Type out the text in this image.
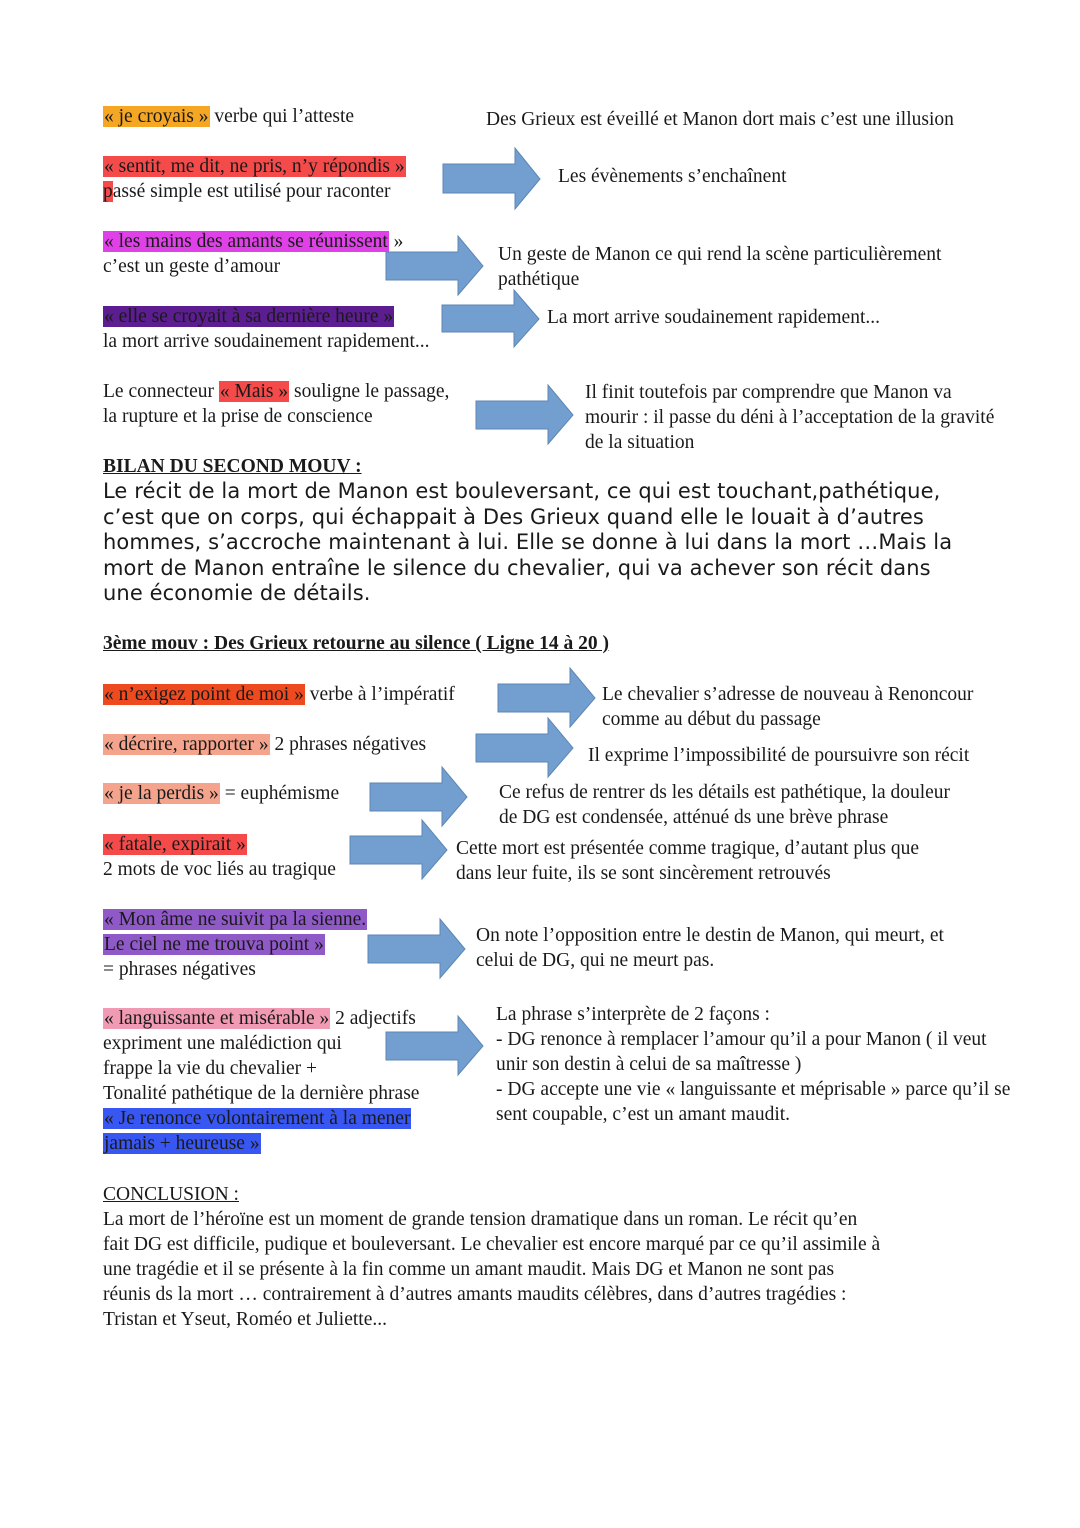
« je croyais » verbe qui l’atteste	Des Grieux est éveillé et Manon dort mais c’est une illusion
« sentit, me dit, ne pris, n’y répondis »
passé simple est utilisé pour raconter
Les évènements s’enchaînent
« les mains des amants se réunissent »
c’est un geste d’amour
Un geste de Manon ce qui rend la scène particulièrement
pathétique
« elle se croyait à sa dernière heure »
la mort arrive soudainement rapidement...
La mort arrive soudainement rapidement...
Le connecteur « Mais » souligne le passage,
la rupture et la prise de conscience
Il finit toutefois par comprendre que Manon va
mourir : il passe du déni à l’acceptation de la gravité
de la situation
BILAN DU SECOND MOUV :
Le récit de la mort de Manon est bouleversant, ce qui est touchant,pathétique,
c’est que on corps, qui échappait à Des Grieux quand elle le louait à d’autres
hommes, s’accroche maintenant à lui. Elle se donne à lui dans la mort …Mais la
mort de Manon entraîne le silence du chevalier, qui va achever son récit dans
une économie de détails.
3ème mouv : Des Grieux retourne au silence ( Ligne 14 à 20 )
« n’exigez point de moi » verbe à l’impératif	Le chevalier s’adresse de nouveau à Renoncour
comme au début du passage
« décrire, rapporter » 2 phrases négatives
Il exprime l’impossibilité de poursuivre son récit
« je la perdis » = euphémisme	Ce refus de rentrer ds les détails est pathétique, la douleur
de DG est condensée, atténué ds une brève phrase
« fatale, expirait »
2 mots de voc liés au tragique
Cette mort est présentée comme tragique, d’autant plus que
dans leur fuite, ils se sont sincèrement retrouvés
« Mon âme ne suivit pa la sienne.
Le ciel ne me trouva point »
= phrases négatives
On note l’opposition entre le destin de Manon, qui meurt, et
celui de DG, qui ne meurt pas.
« languissante et misérable » 2 adjectifs
expriment une malédiction qui
frappe la vie du chevalier +
Tonalité pathétique de la dernière phrase
« Je renonce volontairement à la mener
jamais + heureuse »
La phrase s’interprète de 2 façons :
- DG renonce à remplacer l’amour qu’il a pour Manon ( il veut
unir son destin à celui de sa maîtresse )
- DG accepte une vie « languissante et méprisable » parce qu’il se
sent coupable, c’est un amant maudit.
CONCLUSION :
La mort de l’héroïne est un moment de grande tension dramatique dans un roman. Le récit qu’en
fait DG est difficile, pudique et bouleversant. Le chevalier est encore marqué par ce qu’il assimile à
une tragédie et il se présente à la fin comme un amant maudit. Mais DG et Manon ne sont pas
réunis ds la mort … contrairement à d’autres amants maudits célèbres, dans d’autres tragédies :
Tristan et Yseut, Roméo et Juliette...
